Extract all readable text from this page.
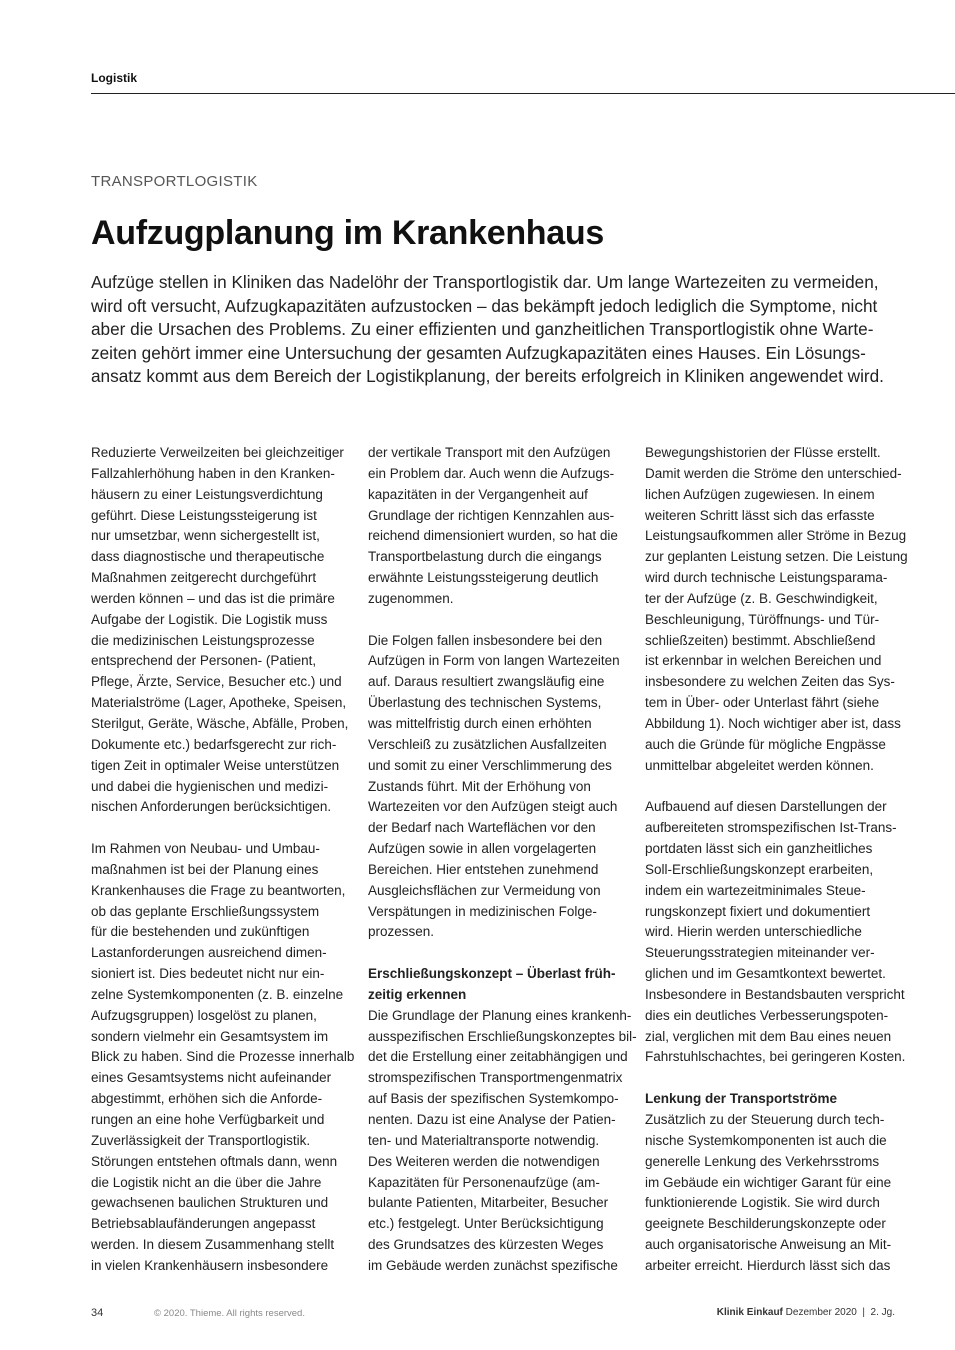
Logistik
TRANSPORTLOGISTIK
Aufzugplanung im Krankenhaus
Aufzüge stellen in Kliniken das Nadelöhr der Transportlogistik dar. Um lange Wartezeiten zu vermeiden,
wird oft versucht, Aufzugkapazitäten aufzustocken – das bekämpft jedoch lediglich die Symptome, nicht
aber die Ursachen des Problems. Zu einer effizienten und ganzheitlichen Transportlogistik ohne Warte-
zeiten gehört immer eine Untersuchung der gesamten Aufzugkapazitäten eines Hauses. Ein Lösungs-
ansatz kommt aus dem Bereich der Logistikplanung, der bereits erfolgreich in Kliniken angewendet wird.
Reduzierte Verweilzeiten bei gleichzeitiger
Fallzahlerhöhung haben in den Kranken-
häusern zu einer Leistungsverdichtung
geführt. Diese Leistungssteigerung ist
nur umsetzbar, wenn sichergestellt ist,
dass diagnostische und therapeutische
Maßnahmen zeitgerecht durchgeführt
werden können – und das ist die primäre
Aufgabe der Logistik. Die Logistik muss
die medizinischen Leistungsprozesse
entsprechend der Personen- (Patient,
Pflege, Ärzte, Service, Besucher etc.) und
Materialströme (Lager, Apotheke, Speisen,
Sterilgut, Geräte, Wäsche, Abfälle, Proben,
Dokumente etc.) bedarfsgerecht zur rich-
tigen Zeit in optimaler Weise unterstützen
und dabei die hygienischen und medizi-
nischen Anforderungen berücksichtigen.
Im Rahmen von Neubau- und Umbau-
maßnahmen ist bei der Planung eines
Krankenhauses die Frage zu beantworten,
ob das geplante Erschließungssystem
für die bestehenden und zukünftigen
Lastanforderungen ausreichend dimen-
sioniert ist. Dies bedeutet nicht nur ein-
zelne Systemkomponenten (z. B. einzelne
Aufzugsgruppen) losgelöst zu planen,
sondern vielmehr ein Gesamtsystem im
Blick zu haben. Sind die Prozesse innerhalb
eines Gesamtsystems nicht aufeinander
abgestimmt, erhöhen sich die Anforde-
rungen an eine hohe Verfügbarkeit und
Zuverlässigkeit der Transportlogistik.
Störungen entstehen oftmals dann, wenn
die Logistik nicht an die über die Jahre
gewachsenen baulichen Strukturen und
Betriebsablaufänderungen angepasst
werden. In diesem Zusammenhang stellt
in vielen Krankenhäusern insbesondere
der vertikale Transport mit den Aufzügen
ein Problem dar. Auch wenn die Aufzugs-
kapazitäten in der Vergangenheit auf
Grundlage der richtigen Kennzahlen aus-
reichend dimensioniert wurden, so hat die
Transportbelastung durch die eingangs
erwähnte Leistungssteigerung deutlich
zugenommen.
Die Folgen fallen insbesondere bei den
Aufzügen in Form von langen Wartezeiten
auf. Daraus resultiert zwangsläufig eine
Überlastung des technischen Systems,
was mittelfristig durch einen erhöhten
Verschleiß zu zusätzlichen Ausfallzeiten
und somit zu einer Verschlimmerung des
Zustands führt. Mit der Erhöhung von
Wartezeiten vor den Aufzügen steigt auch
der Bedarf nach Warteflächen vor den
Aufzügen sowie in allen vorgelagerten
Bereichen. Hier entstehen zunehmend
Ausgleichsflächen zur Vermeidung von
Verspätungen in medizinischen Folge-
prozessen.
Erschließungskonzept – Überlast früh-
zeitig erkennen
Die Grundlage der Planung eines krankenh-
ausspezifischen Erschließungskonzeptes bil-
det die Erstellung einer zeitabhängigen und
stromspezifischen Transportmengenmatrix
auf Basis der spezifischen Systemkompo-
nenten. Dazu ist eine Analyse der Patien-
ten- und Materialtransporte notwendig.
Des Weiteren werden die notwendigen
Kapazitäten für Personenaufzüge (am-
bulante Patienten, Mitarbeiter, Besucher
etc.) festgelegt. Unter Berücksichtigung
des Grundsatzes des kürzesten Weges
im Gebäude werden zunächst spezifische
Bewegungshistorien der Flüsse erstellt.
Damit werden die Ströme den unterschied-
lichen Aufzügen zugewiesen. In einem
weiteren Schritt lässt sich das erfasste
Leistungsaufkommen aller Ströme in Bezug
zur geplanten Leistung setzen. Die Leistung
wird durch technische Leistungsparama-
ter der Aufzüge (z. B. Geschwindigkeit,
Beschleunigung, Türöffnungs- und Tür-
schließzeiten) bestimmt. Abschließend
ist erkennbar in welchen Bereichen und
insbesondere zu welchen Zeiten das Sys-
tem in Über- oder Unterlast fährt (siehe
Abbildung 1). Noch wichtiger aber ist, dass
auch die Gründe für mögliche Engpässe
unmittelbar abgeleitet werden können.
Aufbauend auf diesen Darstellungen der
aufbereiteten stromspezifischen Ist-Trans-
portdaten lässt sich ein ganzheitliches
Soll-Erschließungskonzept erarbeiten,
indem ein wartezeitminimales Steue-
rungskonzept fixiert und dokumentiert
wird. Hierin werden unterschiedliche
Steuerungsstrategien miteinander ver-
glichen und im Gesamtkontext bewertet.
Insbesondere in Bestandsbauten verspricht
dies ein deutliches Verbesserungspoten-
zial, verglichen mit dem Bau eines neuen
Fahrstuhlschachtes, bei geringeren Kosten.
Lenkung der Transportströme
Zusätzlich zu der Steuerung durch tech-
nische Systemkomponenten ist auch die
generelle Lenkung des Verkehrsstroms
im Gebäude ein wichtiger Garant für eine
funktionierende Logistik. Sie wird durch
geeignete Beschilderungskonzepte oder
auch organisatorische Anweisung an Mit-
arbeiter erreicht. Hierdurch lässt sich das
34	© 2020. Thieme. All rights reserved.	Klinik Einkauf Dezember 2020  |  2. Jg.
